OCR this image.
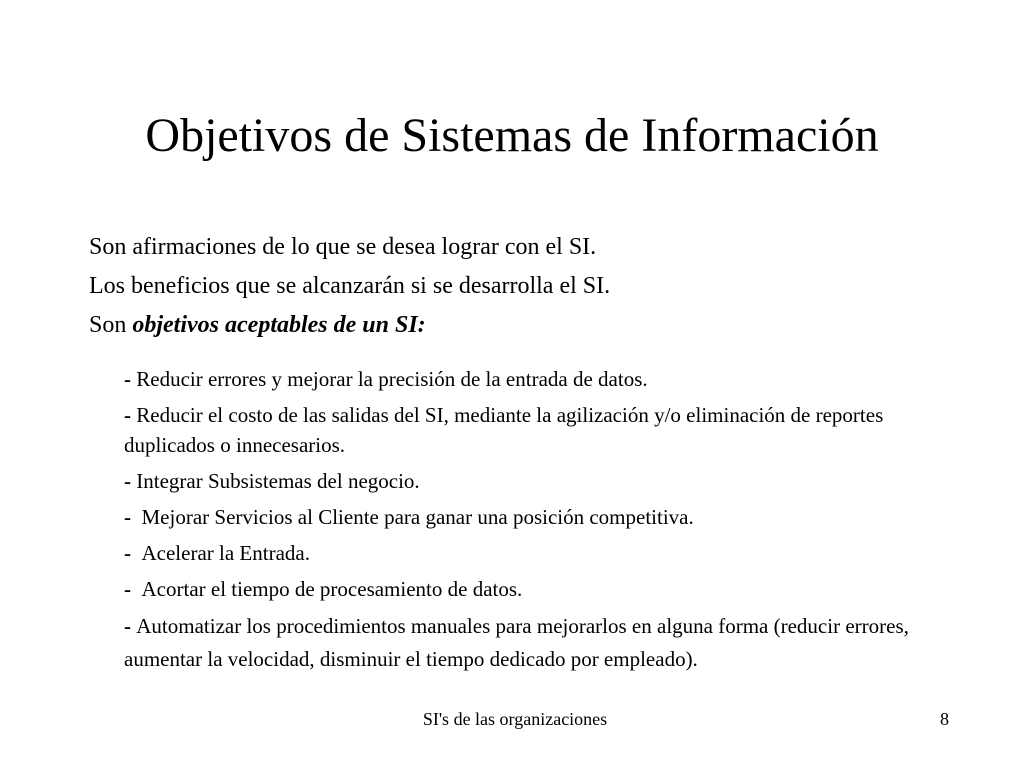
Objetivos de Sistemas de Información

Son afirmaciones de lo que se desea lograr con el SI.

Los beneficios que se alcanzarán si se desarrolla el SI.

Son objetivos aceptables de un SI:

- Reducir errores y mejorar la precisión de la entrada de datos.
- Reducir el costo de las salidas del SI, mediante la agilización y/o eliminación de reportes duplicados o innecesarios.
- Integrar Subsistemas del negocio.
-  Mejorar Servicios al Cliente para ganar una posición competitiva.
-  Acelerar la Entrada.
-  Acortar el tiempo de procesamiento de datos.
- Automatizar los procedimientos manuales para mejorarlos en alguna forma (reducir errores, aumentar la velocidad, disminuir el tiempo dedicado por empleado).
SI's de las organizaciones	8
